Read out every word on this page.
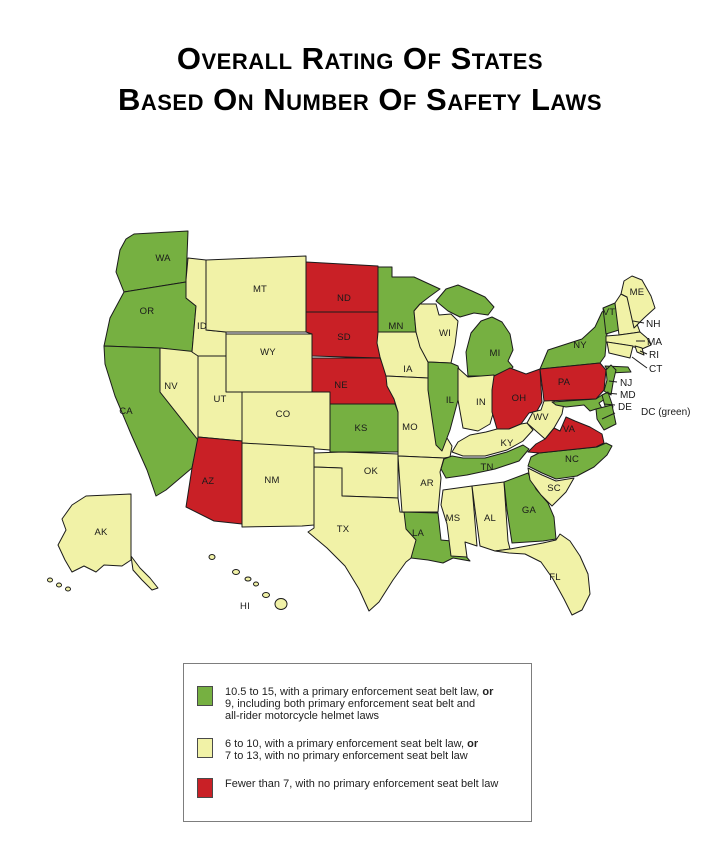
Overall Rating Of States
Based On Number Of Safety Laws
WA
OR
CA
NV
ID
MT
WY
UT
CO
AZ	NM
ND
SD
NE
KS
OK
TX
MN
IA
MO
AR
LA
WI
MI
IL IN	OH
KY
TN
MS AL
GA
FL
SC
NC
VA
WV
PA
NY
VT
ME
AK
HI
NH
MA
RI
CT
NJ
MD
DE DC (green)
10.5 to 15, with a primary enforcement seat belt law, or
9, including both primary enforcement seat belt and
all-rider motorcycle helmet laws
6 to 10, with a primary enforcement seat belt law, or
7 to 13, with no primary enforcement seat belt law
Fewer than 7, with no primary enforcement seat belt law
